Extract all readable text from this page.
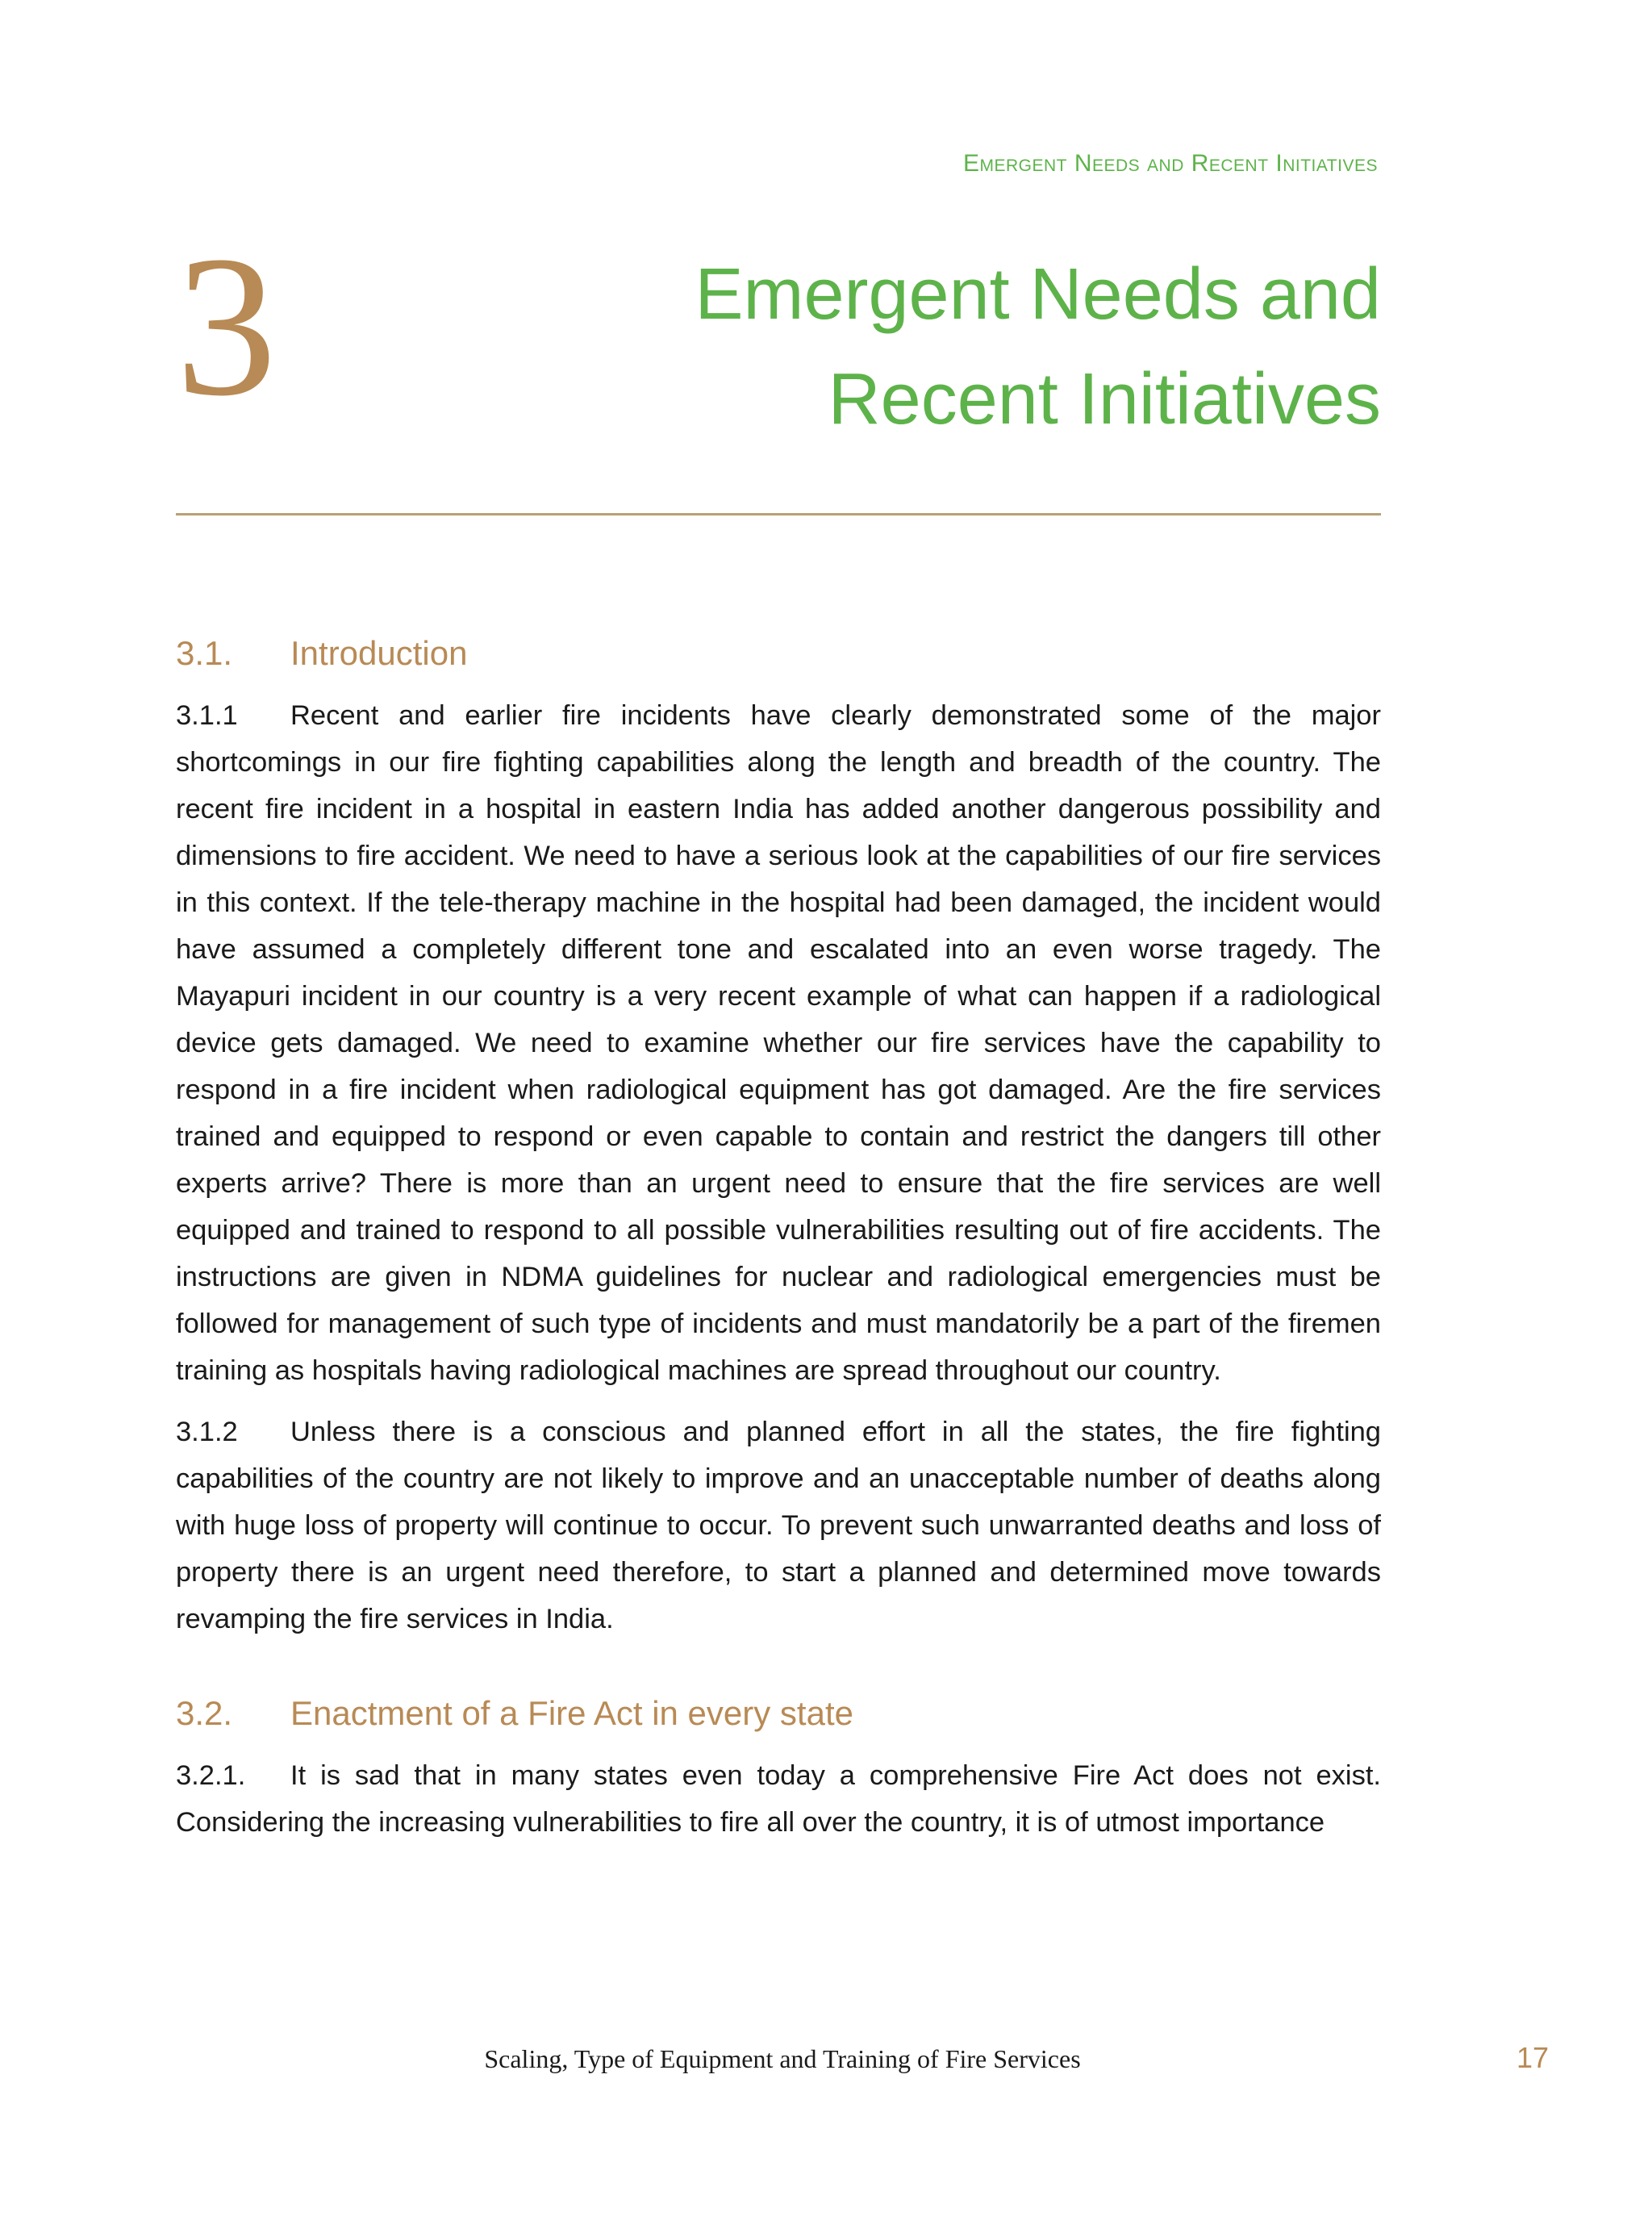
Emergent Needs and Recent Initiatives
3	Emergent Needs and
Recent Initiatives
3.1.	Introduction

3.1.1 Recent and earlier fire incidents have clearly demonstrated some of the major shortcomings in our fire fighting capabilities along the length and breadth of the country. The recent fire incident in a hospital in eastern India has added another dangerous possibility and dimensions to fire accident. We need to have a serious look at the capabilities of our fire services in this context. If the tele-therapy machine in the hospital had been damaged, the incident would have assumed a completely different tone and escalated into an even worse tragedy. The Mayapuri incident in our country is a very recent example of what can happen if a radiological device gets damaged. We need to examine whether our fire services have the capability to respond in a fire incident when radiological equipment has got damaged. Are the fire services trained and equipped to respond or even capable to contain and restrict the dangers till other experts arrive? There is more than an urgent need to ensure that the fire services are well equipped and trained to respond to all possible vulnerabilities resulting out of fire accidents. The instructions are given in NDMA guidelines for nuclear and radiological emergencies must be followed for management of such type of incidents and must mandatorily be a part of the firemen training as hospitals having radiological machines are spread throughout our country.

3.1.2 Unless there is a conscious and planned effort in all the states, the fire fighting capabilities of the country are not likely to improve and an unacceptable number of deaths along with huge loss of property will continue to occur. To prevent such unwarranted deaths and loss of property there is an urgent need therefore, to start a planned and determined move towards revamping the fire services in India.

3.2.	Enactment of a Fire Act in every state

3.2.1. It is sad that in many states even today a comprehensive Fire Act does not exist. Considering the increasing vulnerabilities to fire all over the country, it is of utmost importance

Scaling, Type of Equipment and Training of Fire Services	17
